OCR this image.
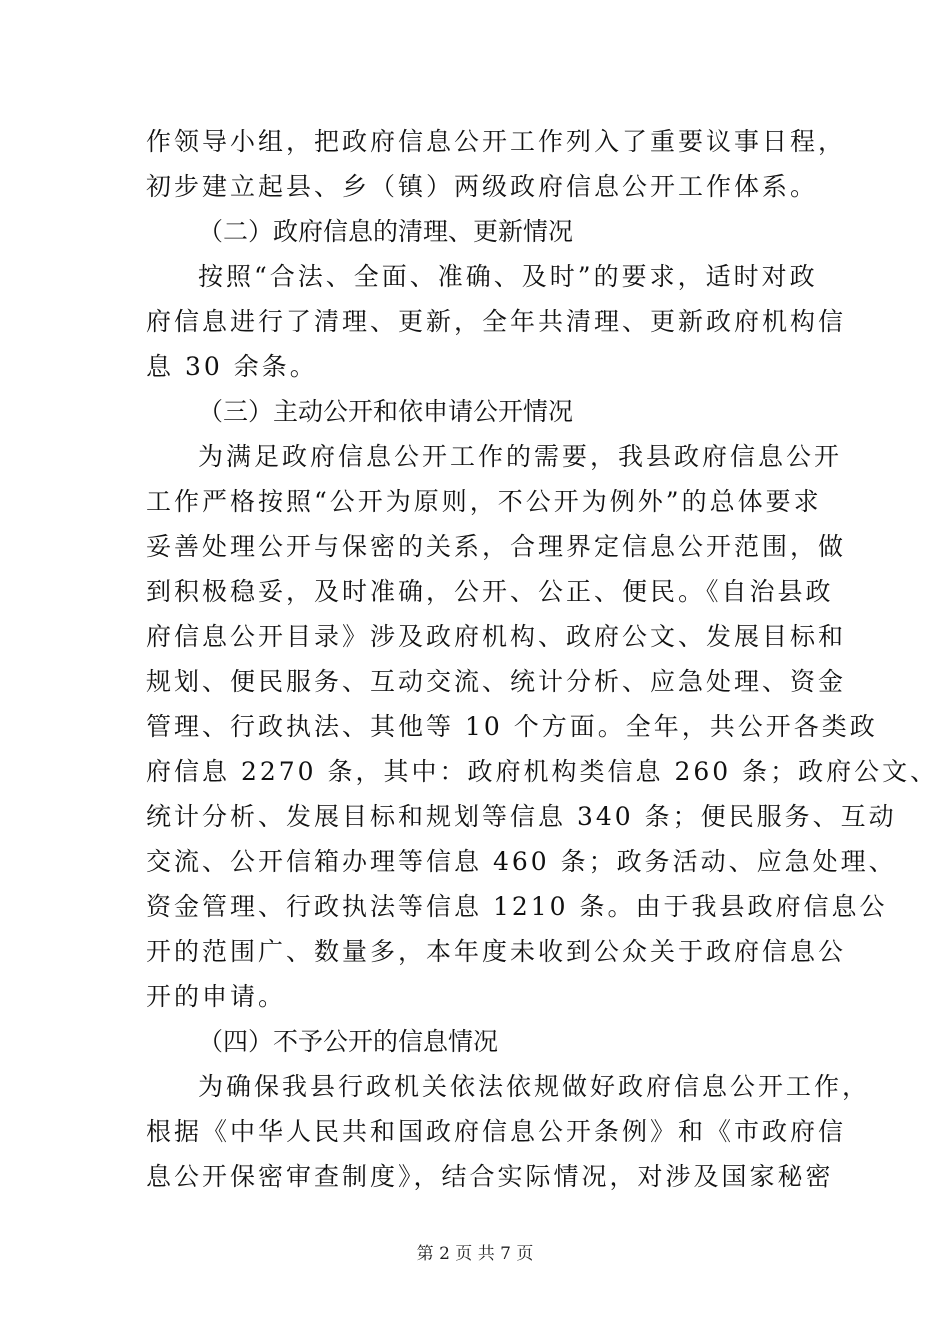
作领导小组，把政府信息公开工作列入了重要议事日程，
初步建立起县、乡（镇）两级政府信息公开工作体系。

（二）政府信息的清理、更新情况

按照“合法、全面、准确、及时”的要求，适时对政
府信息进行了清理、更新，全年共清理、更新政府机构信
息 30 余条。

（三）主动公开和依申请公开情况

为满足政府信息公开工作的需要，我县政府信息公开
工作严格按照“公开为原则，不公开为例外”的总体要求
妥善处理公开与保密的关系，合理界定信息公开范围，做
到积极稳妥，及时准确，公开、公正、便民。《自治县政
府信息公开目录》涉及政府机构、政府公文、发展目标和
规划、便民服务、互动交流、统计分析、应急处理、资金
管理、行政执法、其他等 10 个方面。全年，共公开各类政
府信息 2270 条，其中：政府机构类信息 260 条；政府公文、
统计分析、发展目标和规划等信息 340 条；便民服务、互动
交流、公开信箱办理等信息 460 条；政务活动、应急处理、
资金管理、行政执法等信息 1210 条。由于我县政府信息公
开的范围广、数量多，本年度未收到公众关于政府信息公
开的申请。

（四）不予公开的信息情况

为确保我县行政机关依法依规做好政府信息公开工作，
根据《中华人民共和国政府信息公开条例》和《市政府信
息公开保密审查制度》，结合实际情况，对涉及国家秘密

第 2 页 共 7 页
